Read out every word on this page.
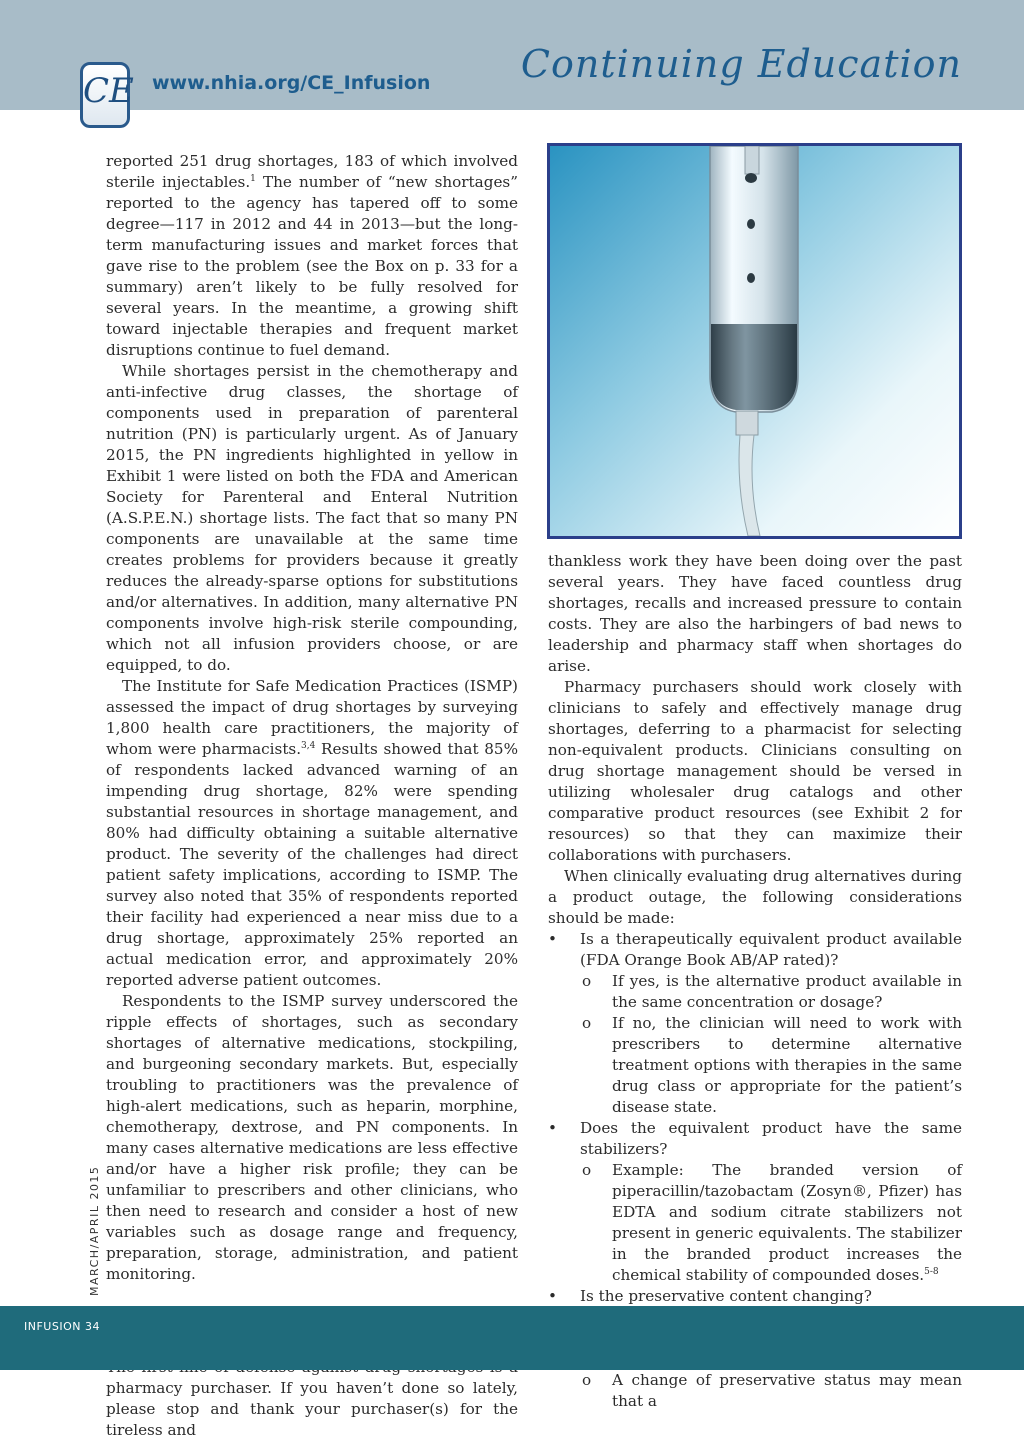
CE www.nhia.org/CE_Infusion Continuing Education

reported 251 drug shortages, 183 of which involved sterile injectables.$^1$ The number of “new shortages” reported to the agency has tapered off to some degree—117 in 2012 and 44 in 2013—but the long-term manufacturing issues and market forces that gave rise to the problem (see the Box on p. 33 for a summary) aren’t likely to be fully resolved for several years. In the meantime, a growing shift toward injectable therapies and frequent market disruptions continue to fuel demand.

While shortages persist in the chemotherapy and anti-infective drug classes, the shortage of components used in preparation of parenteral nutrition (PN) is particularly urgent. As of January 2015, the PN ingredients highlighted in yellow in Exhibit 1 were listed on both the FDA and American Society for Parenteral and Enteral Nutrition (A.S.P.E.N.) shortage lists. The fact that so many PN components are unavailable at the same time creates problems for providers because it greatly reduces the already-sparse options for substitutions and/or alternatives. In addition, many alternative PN components involve high-risk sterile compounding, which not all infusion providers choose, or are equipped, to do.

The Institute for Safe Medication Practices (ISMP) assessed the impact of drug shortages by surveying 1,800 health care practitioners, the majority of whom were pharmacists.$^{3,4}$ Results showed that 85% of respondents lacked advanced warning of an impending drug shortage, 82% were spending substantial resources in shortage management, and 80% had difficulty obtaining a suitable alternative product. The severity of the challenges had direct patient safety implications, according to ISMP. The survey also noted that 35% of respondents reported their facility had experienced a near miss due to a drug shortage, approximately 25% reported an actual medication error, and approximately 20% reported adverse patient outcomes.

Respondents to the ISMP survey underscored the ripple effects of shortages, such as secondary shortages of alternative medications, stockpiling, and burgeoning secondary markets. But, especially troubling to practitioners was the prevalence of high-alert medications, such as heparin, morphine, chemotherapy, dextrose, and PN components. In many cases alternative medications are less effective and/or have a higher risk profile; they can be unfamiliar to prescribers and other clinicians, who then need to research and consider a host of new variables such as dosage range and frequency, preparation, storage, administration, and patient monitoring.

pharmacy purchaser. If you haven’t done so lately, please stop and thank your purchaser(s) for the tireless and

thankless work they have been doing over the past several years. They have faced countless drug shortages, recalls and increased pressure to contain costs. They are also the harbingers of bad news to leadership and pharmacy staff when shortages do arise.

Pharmacy purchasers should work closely with clinicians to safely and effectively manage drug shortages, deferring to a pharmacist for selecting non-equivalent products. Clinicians consulting on drug shortage management should be versed in utilizing wholesaler drug catalogs and other comparative product resources (see Exhibit 2 for resources) so that they can maximize their collaborations with purchasers.

When clinically evaluating drug alternatives during a product outage, the following considerations should be made:

• Is a therapeutically equivalent product available (FDA Orange Book AB/AP rated)?
o If yes, is the alternative product available in the same concentration or dosage?
o If no, the clinician will need to work with prescribers to determine alternative treatment options with therapies in the same drug class or appropriate for the patient’s disease state.
• Does the equivalent product have the same stabilizers?
o Example: The branded version of piperacillin/tazobactam (Zosyn®, Pfizer) has EDTA and sodium citrate stabilizers not present in generic equivalents. The stabilizer in the branded product increases the chemical stability of compounded doses.$^{5-8}$
• Is the preservative content changing?
o
o A change of preservative status may mean that a
MARCH/APRIL 2015
INFUSION 34
